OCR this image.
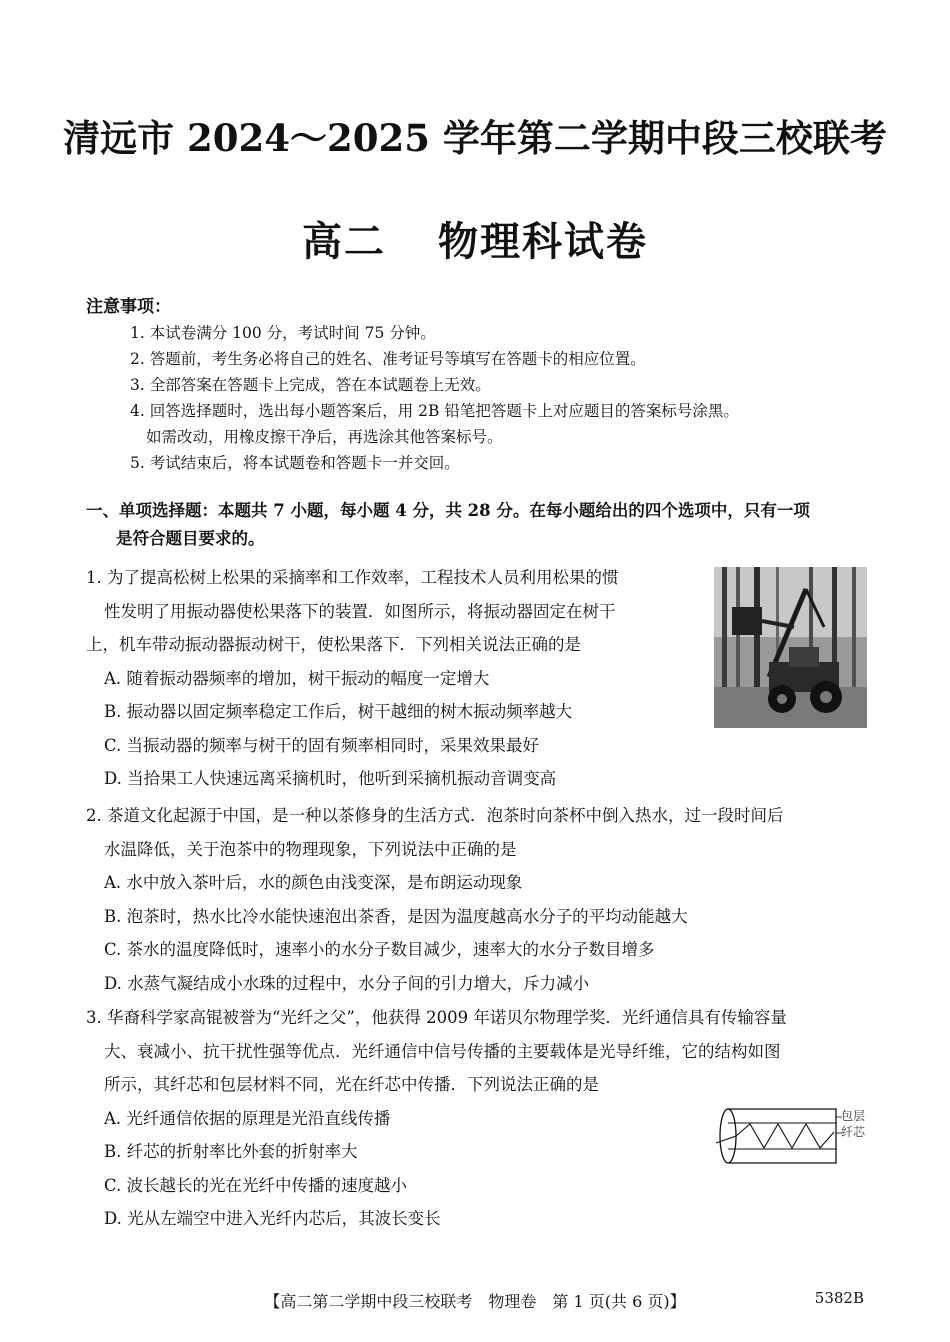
清远市 2024～2025 学年第二学期中段三校联考
高二 物理科试卷
注意事项：
1. 本试卷满分 100 分，考试时间 75 分钟。
2. 答题前，考生务必将自己的姓名、准考证号等填写在答题卡的相应位置。
3. 全部答案在答题卡上完成，答在本试题卷上无效。
4. 回答选择题时，选出每小题答案后，用 2B 铅笔把答题卡上对应题目的答案标号涂黑。
如需改动，用橡皮擦干净后，再选涂其他答案标号。
5. 考试结束后，将本试题卷和答题卡一并交回。
一、单项选择题：本题共 7 小题，每小题 4 分，共 28 分。在每小题给出的四个选项中，只有一项
是符合题目要求的。
1. 为了提高松树上松果的采摘率和工作效率，工程技术人员利用松果的惯
性发明了用振动器使松果落下的装置．如图所示，将振动器固定在树干
上，机车带动振动器振动树干，使松果落下．下列相关说法正确的是
A. 随着振动器频率的增加，树干振动的幅度一定增大
B. 振动器以固定频率稳定工作后，树干越细的树木振动频率越大
C. 当振动器的频率与树干的固有频率相同时，采果效果最好
D. 当拾果工人快速远离采摘机时，他听到采摘机振动音调变高
2. 茶道文化起源于中国，是一种以茶修身的生活方式．泡茶时向茶杯中倒入热水，过一段时间后
水温降低，关于泡茶中的物理现象，下列说法中正确的是
A. 水中放入茶叶后，水的颜色由浅变深，是布朗运动现象
B. 泡茶时，热水比冷水能快速泡出茶香，是因为温度越高水分子的平均动能越大
C. 茶水的温度降低时，速率小的水分子数目减少，速率大的水分子数目增多
D. 水蒸气凝结成小水珠的过程中，水分子间的引力增大，斥力减小
3. 华裔科学家高锟被誉为“光纤之父”，他获得 2009 年诺贝尔物理学奖．光纤通信具有传输容量
大、衰减小、抗干扰性强等优点．光纤通信中信号传播的主要载体是光导纤维，它的结构如图
所示，其纤芯和包层材料不同，光在纤芯中传播．下列说法正确的是
A. 光纤通信依据的原理是光沿直线传播
B. 纤芯的折射率比外套的折射率大
C. 波长越长的光在光纤中传播的速度越小
D. 光从左端空中进入光纤内芯后，其波长变长
包层
纤芯
【高二第二学期中段三校联考　物理卷　第 1 页(共 6 页)】	5382B
